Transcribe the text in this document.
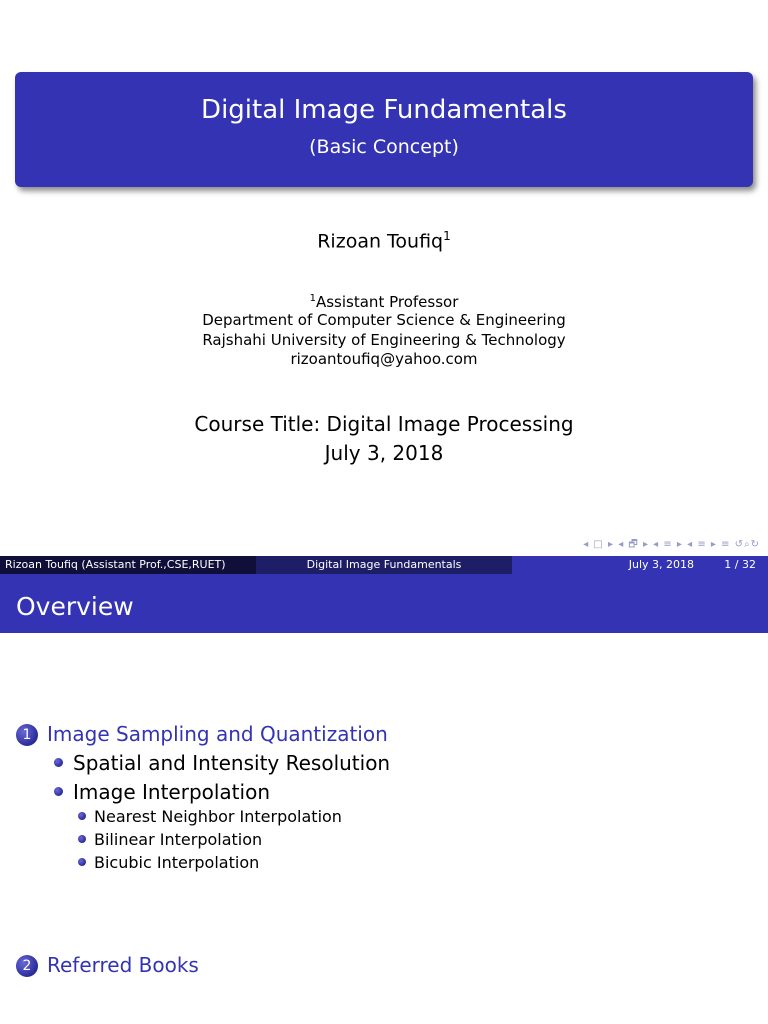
Digital Image Fundamentals
(Basic Concept)
Rizoan Toufiq$^1$
$^1$Assistant Professor
Department of Computer Science & Engineering
Rajshahi University of Engineering & Technology
rizoantoufiq@yahoo.com
Course Title: Digital Image Processing
July 3, 2018
◂ □ ▸ ◂ 🗗 ▸ ◂ ≡ ▸ ◂ ≡ ▸ ≡ ↺⌕↻
Rizoan Toufiq (Assistant Prof.,CSE,RUET)	Digital Image Fundamentals	July 3, 2018	1 / 32
Overview
1 Image Sampling and Quantization
Spatial and Intensity Resolution
Image Interpolation
Nearest Neighbor Interpolation
Bilinear Interpolation
Bicubic Interpolation
2 Referred Books
